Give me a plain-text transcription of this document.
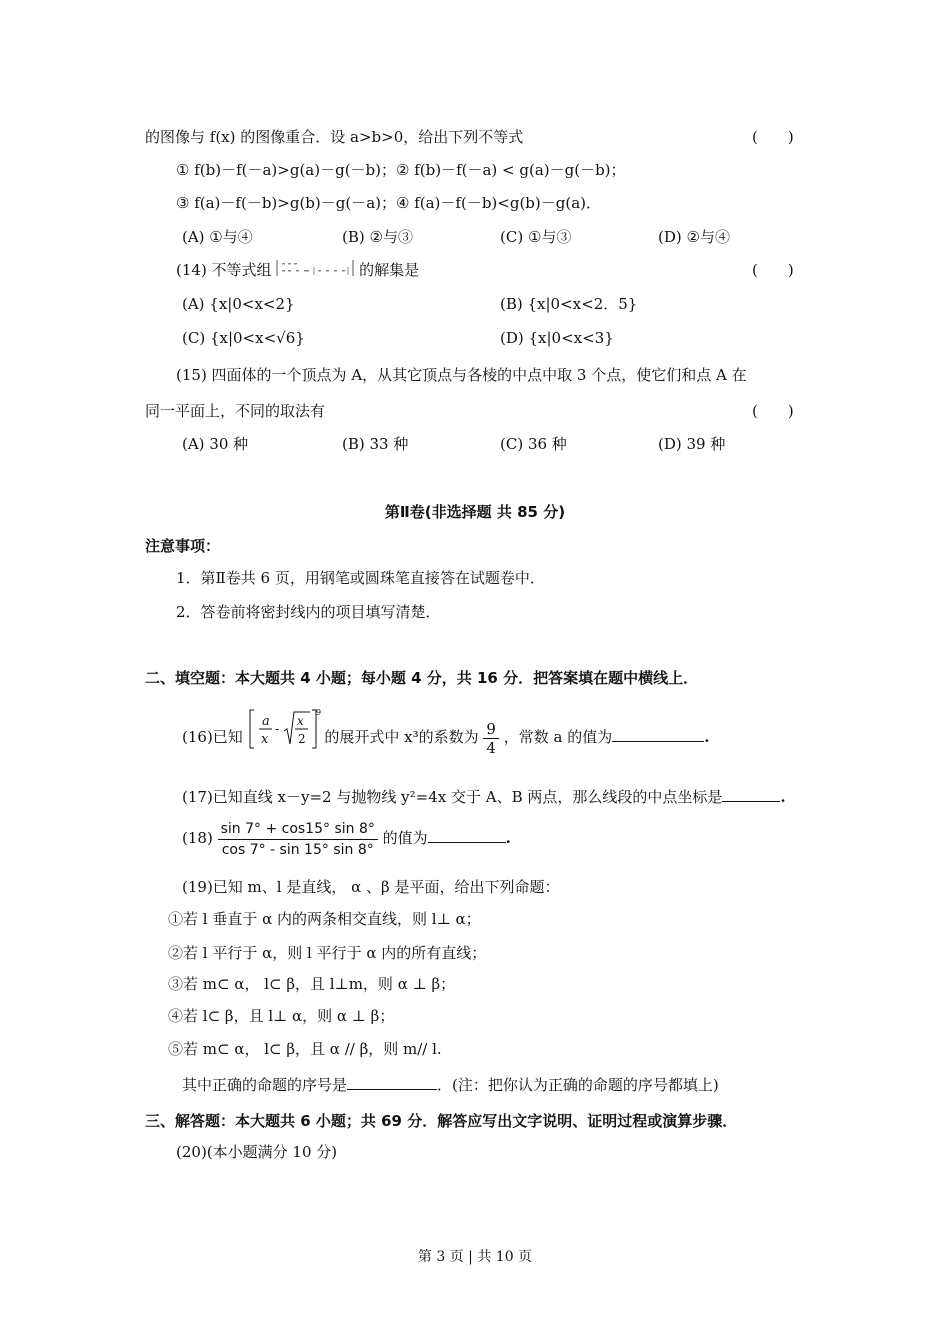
的图像与 f(x) 的图像重合．设 a>b>0，给出下列不等式	(　　)
① f(b)－f(－a)>g(a)－g(－b)；② f(b)－f(－a) < g(a)－g(－b)；
③ f(a)－f(－b)>g(b)－g(－a)；④ f(a)－f(－b)<g(b)－g(a)．
(A) ①与④	(B) ②与③	(C) ①与③	(D) ②与④
(14) 不等式组	的解集是	(　　)
(A) {x|0<x<2}	(B) {x|0<x<2．5}
(C) {x|0<x<√6}	(D) {x|0<x<3}
(15) 四面体的一个顶点为 A，从其它顶点与各棱的中点中取 3 个点，使它们和点 A 在
同一平面上，不同的取法有	(　　)
(A) 30 种	(B) 33 种	(C) 36 种	(D) 39 种
第Ⅱ卷(非选择题 共 85 分)
注意事项：
1．第Ⅱ卷共 6 页，用钢笔或圆珠笔直接答在试题卷中．
2．答卷前将密封线内的项目填写清楚．
二、填空题：本大题共 4 小题；每小题 4 分，共 16 分．把答案填在题中横线上．
(16)已知
a
x
-
x
2
9
的展开式中 x³的系数为 $\frac{9}{4}$ ，常数 a 的值为	.
(17)已知直线 x－y=2 与抛物线 y²=4x 交于 A、B 两点，那么线段的中点坐标是	.
$(18) \frac{\sin 7^\circ + \cos 15^\circ \sin 8^\circ}{\cos 7^\circ - \sin 15^\circ \sin 8^\circ}$ 的值为	.
(19)已知 m、l 是直线， α 、β 是平面，给出下列命题：
①若 l 垂直于 α 内的两条相交直线，则 l⊥ α；
②若 l 平行于 α，则 l 平行于 α 内的所有直线；
③若 m⊂ α， l⊂ β，且 l⊥m，则 α ⊥ β；
④若 l⊂ β，且 l⊥ α，则 α ⊥ β；
⑤若 m⊂ α， l⊂ β，且 α // β，则 m// l.
其中正确的命题的序号是	．(注：把你认为正确的命题的序号都填上)
三、解答题：本大题共 6 小题；共 69 分．解答应写出文字说明、证明过程或演算步骤．
(20)(本小题满分 10 分)
第 3 页 | 共 10 页
